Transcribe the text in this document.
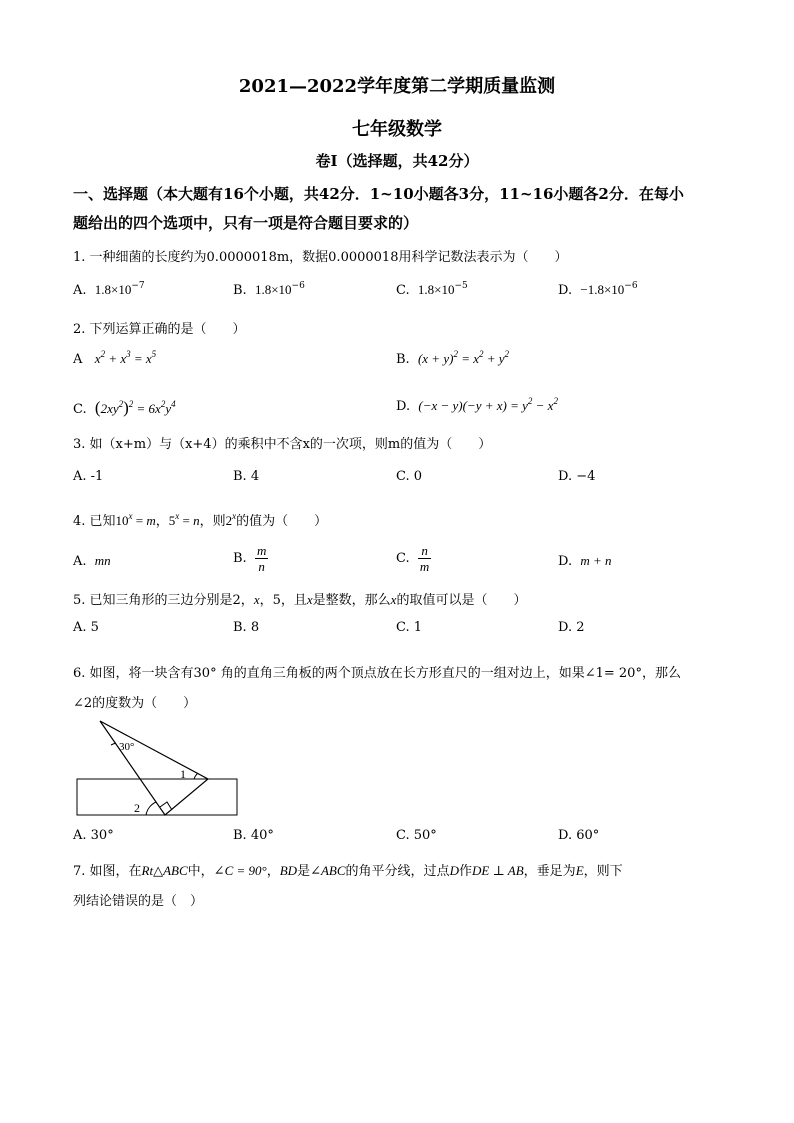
2021—2022学年度第二学期质量监测
七年级数学
卷Ⅰ（选择题，共42分）
一、选择题（本大题有16个小题，共42分．1~10小题各3分，11~16小题各2分．在每小
题给出的四个选项中，只有一项是符合题目要求的）
1. 一种细菌的长度约为0.0000018m，数据0.0000018用科学记数法表示为（　　）
A. $1.8\times 10^{-7}$	B. $1.8\times 10^{-6}$	C. $1.8\times 10^{-5}$	D. $-1.8\times 10^{-6}$
2. 下列运算正确的是（　　）
A $x^2 + x^3 = x^5$	B. $(x + y)^2 = x^2 + y^2$
C. $(2xy^2)^2 = 6x^2y^4$	D. $(-x - y)(-y + x) = y^2 - x^2$
3. 如（x+m）与（x+4）的乘积中不含x的一次项，则m的值为（　　）
A. -1	B. 4	C. 0	D. −4
4. 已知$10^x = m$，$5^x = n$，则2$^x$的值为（　　）
A. mn	B. $\frac{m}{n}$	C. $\frac{n}{m}$	D. m + n
5. 已知三角形的三边分别是2，x，5，且x是整数，那么x的取值可以是（　　）
A. 5	B. 8	C. 1	D. 2
6. 如图，将一块含有30° 角的直角三角板的两个顶点放在长方形直尺的一组对边上，如果∠1= 20°，那么
∠2的度数为（　　）
30°
1
2
A. 30°	B. 40°	C. 50°	D. 60°
7. 如图，在Rt△ABC中，∠C = 90°，BD是∠ABC的角平分线，过点D作DE ⊥ AB，垂足为E，则下
列结论错误的是（　）
